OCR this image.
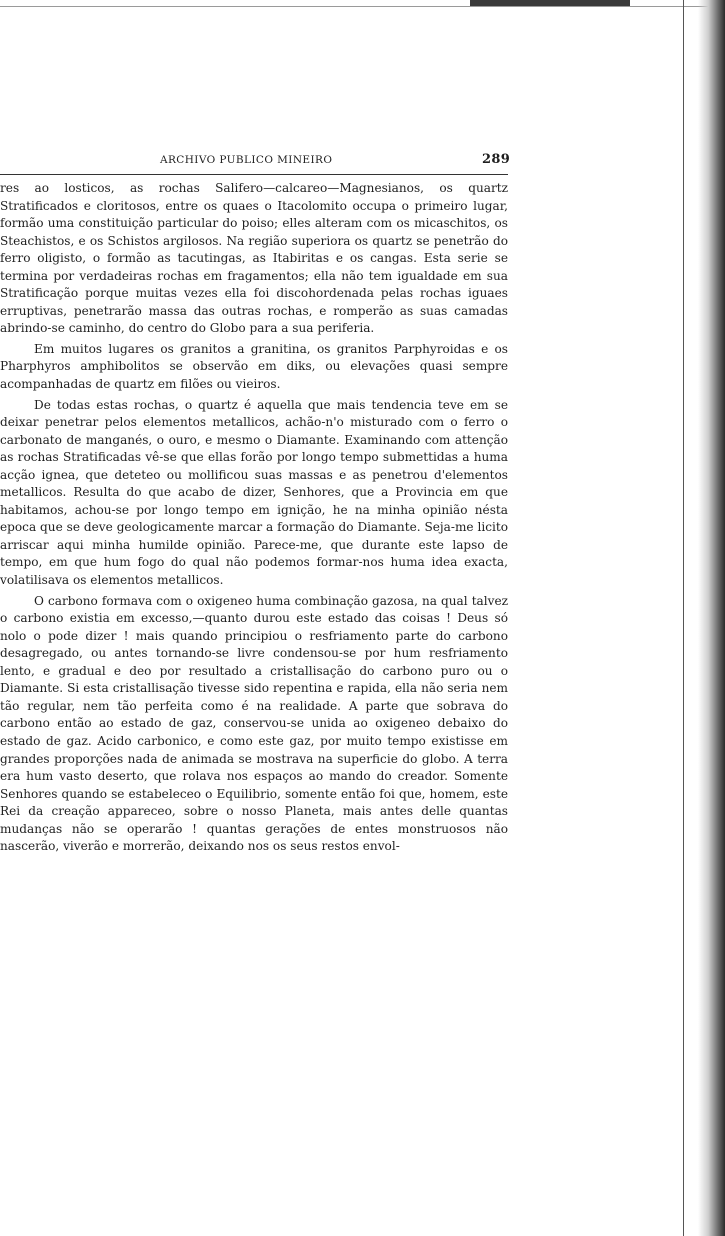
ARCHIVO PUBLICO MINEIRO	289

res ao losticos, as rochas Salifero—calcareo—Magnesianos, os quartz Stratificados e cloritosos, entre os quaes o Itacolomito occupa o primeiro lugar, formão uma constituição particular do poiso; elles alteram com os micaschitos, os Steachistos, e os Schistos argilosos. Na região superiora os quartz se penetrão do ferro oligisto, o formão as tacutingas, as Itabiritas e os cangas. Esta serie se termina por verdadeiras rochas em fragamentos; ella não tem igualdade em sua Stratificação porque muitas vezes ella foi discohordenada pelas rochas iguaes erruptivas, penetrarão massa das outras rochas, e romperão as suas camadas abrindo-se caminho, do centro do Globo para a sua periferia.

Em muitos lugares os granitos a granitina, os granitos Parphyroidas e os Pharphyros amphibolitos se observão em diks, ou elevações quasi sempre acompanhadas de quartz em filões ou vieiros.

De todas estas rochas, o quartz é aquella que mais tendencia teve em se deixar penetrar pelos elementos metallicos, achão-n'o misturado com o ferro o carbonato de manganés, o ouro, e mesmo o Diamante. Examinando com attenção as rochas Stratificadas vê-se que ellas forão por longo tempo submettidas a huma acção ignea, que deteteo ou mollificou suas massas e as penetrou d'elementos metallicos. Resulta do que acabo de dizer, Senhores, que a Provincia em que habitamos, achou-se por longo tempo em ignição, he na minha opinião nésta epoca que se deve geologicamente marcar a formação do Diamante. Seja-me licito arriscar aqui minha humilde opinião. Parece-me, que durante este lapso de tempo, em que hum fogo do qual não podemos formar-nos huma idea exacta, volatilisava os elementos metallicos.

O carbono formava com o oxigeneo huma combinação gazosa, na qual talvez o carbono existia em excesso,—quanto durou este estado das coisas ! Deus só nolo o pode dizer ! mais quando principiou o resfriamento parte do carbono desagregado, ou antes tornando-se livre condensou-se por hum resfriamento lento, e gradual e deo por resultado a cristallisação do carbono puro ou o Diamante. Si esta cristallisação tivesse sido repentina e rapida, ella não seria nem tão regular, nem tão perfeita como é na realidade. A parte que sobrava do carbono então ao estado de gaz, conservou-se unida ao oxigeneo debaixo do estado de gaz. Acido carbonico, e como este gaz, por muito tempo existisse em grandes proporções nada de animada se mostrava na superficie do globo. A terra era hum vasto deserto, que rolava nos espaços ao mando do creador. Somente Senhores quando se estabeleceo o Equilibrio, somente então foi que, homem, este Rei da creação appareceo, sobre o nosso Planeta, mais antes delle quantas mudanças não se operarão ! quantas gerações de entes monstruosos não nascerão, viverão e morrerão, deixando nos os seus restos envol-
